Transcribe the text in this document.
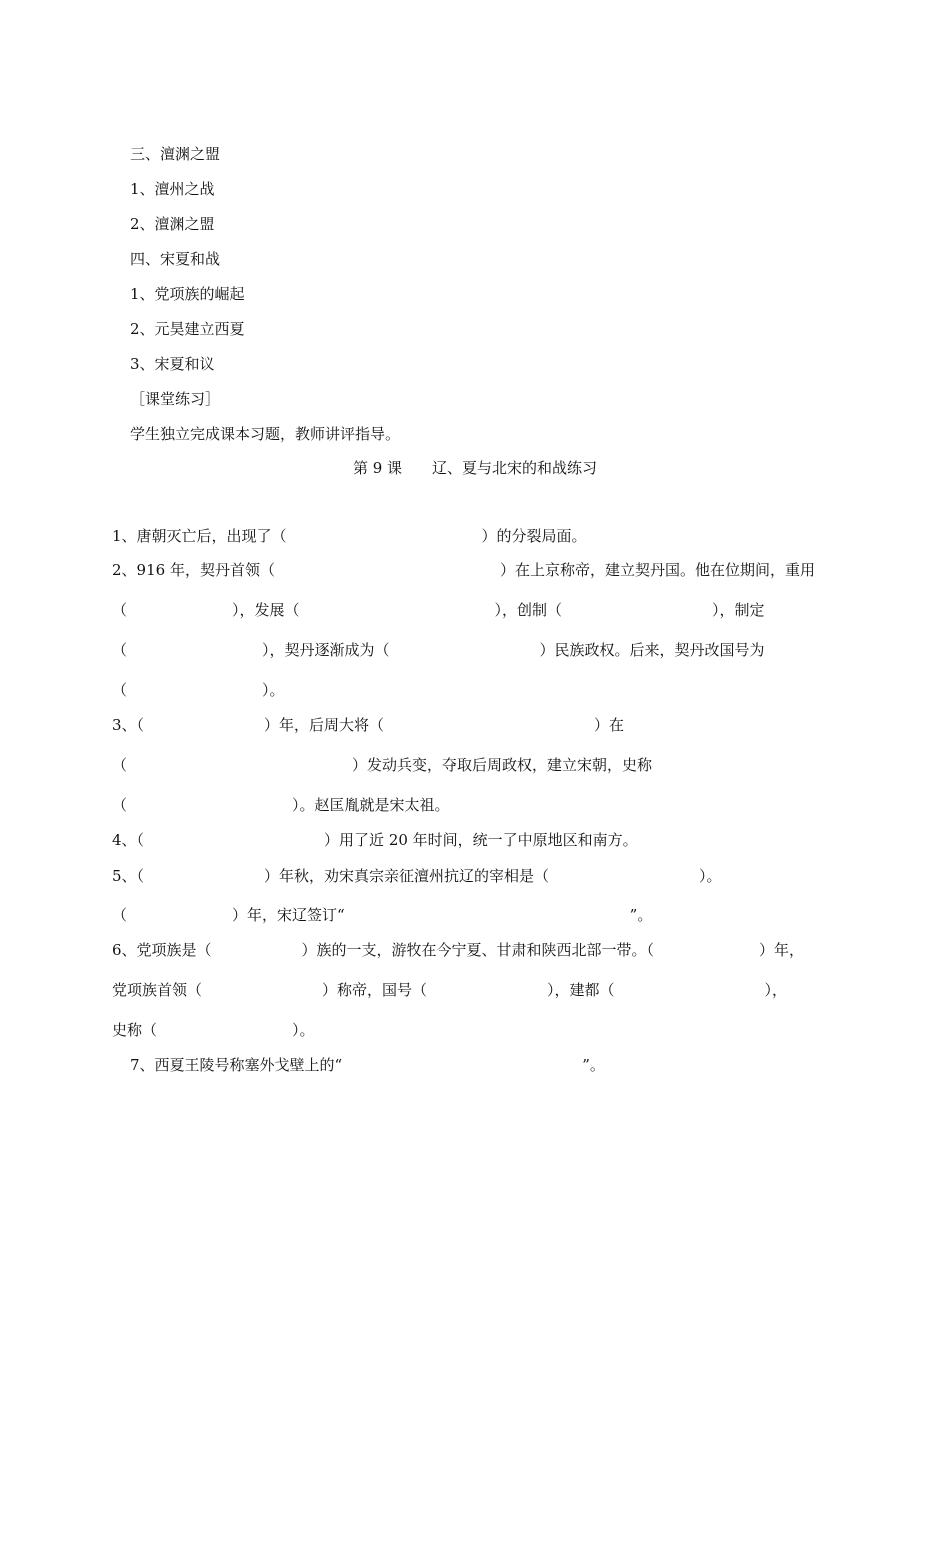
三、澶渊之盟
1、澶州之战
2、澶渊之盟
四、宋夏和战
1、党项族的崛起
2、元昊建立西夏
3、宋夏和议
［课堂练习］
学生独立完成课本习题，教师讲评指导。
第 9 课　　辽、夏与北宋的和战练习
1、唐朝灭亡后，出现了（　　　　　　　　　　　　　）的分裂局面。
2、916 年，契丹首领（　　　　　　　　　　　　　　　）在上京称帝，建立契丹国。他在位期间，重用
（　　　　　　　），发展（　　　　　　　　　　　　　），创制（　　　　　　　　　　），制定
（　　　　　　　　　），契丹逐渐成为（　　　　　　　　　　）民族政权。后来，契丹改国号为
（　　　　　　　　　）。
3、（　　　　　　　　）年，后周大将（　　　　　　　　　　　　　　）在
（　　　　　　　　　　　　　　　）发动兵变，夺取后周政权，建立宋朝，史称
（　　　　　　　　　　　）。赵匡胤就是宋太祖。
4、（　　　　　　　　　　　　）用了近 20 年时间，统一了中原地区和南方。
5、（　　　　　　　　）年秋，劝宋真宗亲征澶州抗辽的宰相是（　　　　　　　　　　）。
（　　　　　　　）年，宋辽签订“　　　　　　　　　　　　　　　　　　　”。
6、党项族是（　　　　　　）族的一支，游牧在今宁夏、甘肃和陕西北部一带。（　　　　　　　）年，
党项族首领（　　　　　　　　）称帝，国号（　　　　　　　　），建都（　　　　　　　　　　），
史称（　　　　　　　　　）。
7、西夏王陵号称塞外戈壁上的“　　　　　　　　　　　　　　　　”。
